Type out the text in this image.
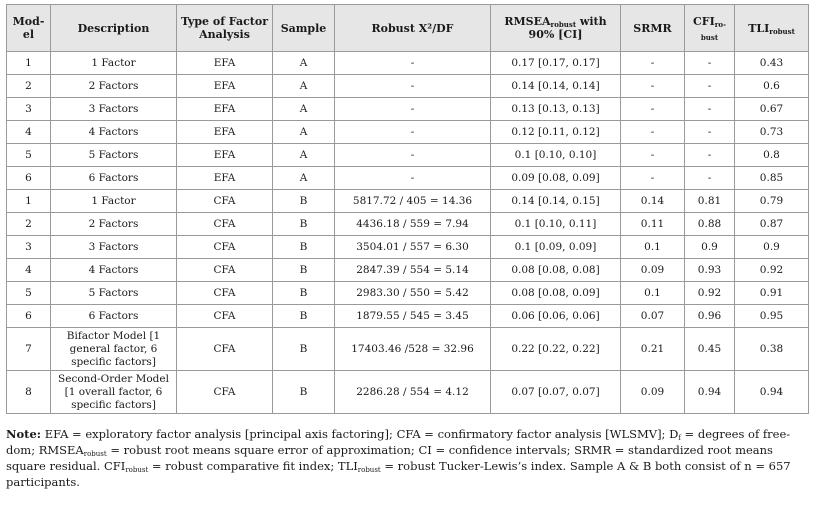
Mod-el	Description	Type of Factor Analysis	Sample	Robust X²/DF	$RMSEA_{robust}$ with 90% [CI]	SRMR	$CFI_{ro-bust}$	$TLI_{robust}$
1	1 Factor	EFA	A	-	0.17 [0.17, 0.17]	-	-	0.43
2	2 Factors	EFA	A	-	0.14 [0.14, 0.14]	-	-	0.6
3	3 Factors	EFA	A	-	0.13 [0.13, 0.13]	-	-	0.67
4	4 Factors	EFA	A	-	0.12 [0.11, 0.12]	-	-	0.73
5	5 Factors	EFA	A	-	0.1 [0.10, 0.10]	-	-	0.8
6	6 Factors	EFA	A	-	0.09 [0.08, 0.09]	-	-	0.85
1	1 Factor	CFA	B	5817.72 / 405 = 14.36	0.14 [0.14, 0.15]	0.14	0.81	0.79
2	2 Factors	CFA	B	4436.18 / 559 = 7.94	0.1 [0.10, 0.11]	0.11	0.88	0.87
3	3 Factors	CFA	B	3504.01 / 557 = 6.30	0.1 [0.09, 0.09]	0.1	0.9	0.9
4	4 Factors	CFA	B	2847.39 / 554 = 5.14	0.08 [0.08, 0.08]	0.09	0.93	0.92
5	5 Factors	CFA	B	2983.30 / 550 = 5.42	0.08 [0.08, 0.09]	0.1	0.92	0.91
6	6 Factors	CFA	B	1879.55 / 545 = 3.45	0.06 [0.06, 0.06]	0.07	0.96	0.95
7	Bifactor Model [1 general factor, 6 specific factors]	CFA	B	17403.46 /528 = 32.96	0.22 [0.22, 0.22]	0.21	0.45	0.38
8	Second-Order Model [1 overall factor, 6 specific factors]	CFA	B	2286.28 / 554 = 4.12	0.07 [0.07, 0.07]	0.09	0.94	0.94
Note: EFA = exploratory factor analysis [principal axis factoring]; CFA = confirmatory factor analysis [WLSMV]; $D_f$ = degrees of free-dom; $RMSEA_{robust}$ = robust root means square error of approximation; CI = confidence intervals; SRMR = standardized root means square residual. $CFI_{robust}$ = robust comparative fit index; $TLI_{robust}$ = robust Tucker-Lewis’s index. Sample A & B both consist of n = 657 participants.
